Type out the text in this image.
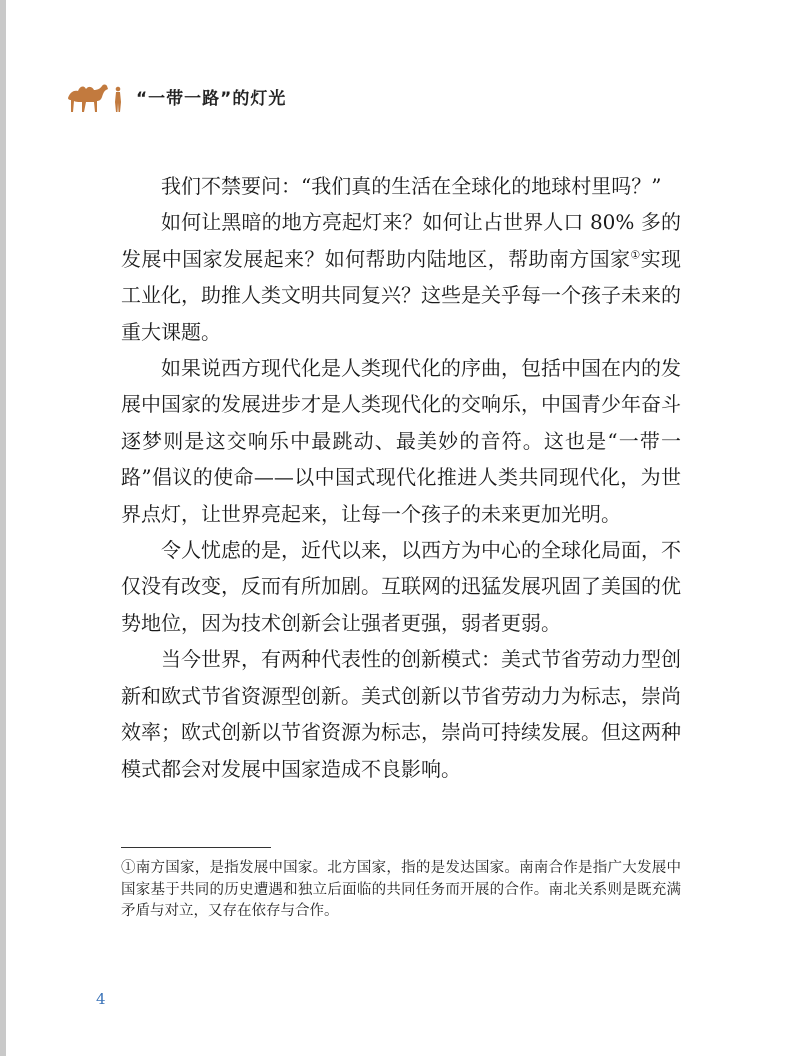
“一带一路”的灯光

我们不禁要问：“我们真的生活在全球化的地球村里吗？”

如何让黑暗的地方亮起灯来？如何让占世界人口 80% 多的发展中国家发展起来？如何帮助内陆地区，帮助南方国家①实现工业化，助推人类文明共同复兴？这些是关乎每一个孩子未来的重大课题。

如果说西方现代化是人类现代化的序曲，包括中国在内的发展中国家的发展进步才是人类现代化的交响乐，中国青少年奋斗逐梦则是这交响乐中最跳动、最美妙的音符。这也是“一带一路”倡议的使命——以中国式现代化推进人类共同现代化，为世界点灯，让世界亮起来，让每一个孩子的未来更加光明。

令人忧虑的是，近代以来，以西方为中心的全球化局面，不仅没有改变，反而有所加剧。互联网的迅猛发展巩固了美国的优势地位，因为技术创新会让强者更强，弱者更弱。

当今世界，有两种代表性的创新模式：美式节省劳动力型创新和欧式节省资源型创新。美式创新以节省劳动力为标志，崇尚效率；欧式创新以节省资源为标志，崇尚可持续发展。但这两种模式都会对发展中国家造成不良影响。

①南方国家，是指发展中国家。北方国家，指的是发达国家。南南合作是指广大发展中国家基于共同的历史遭遇和独立后面临的共同任务而开展的合作。南北关系则是既充满矛盾与对立，又存在依存与合作。
4
